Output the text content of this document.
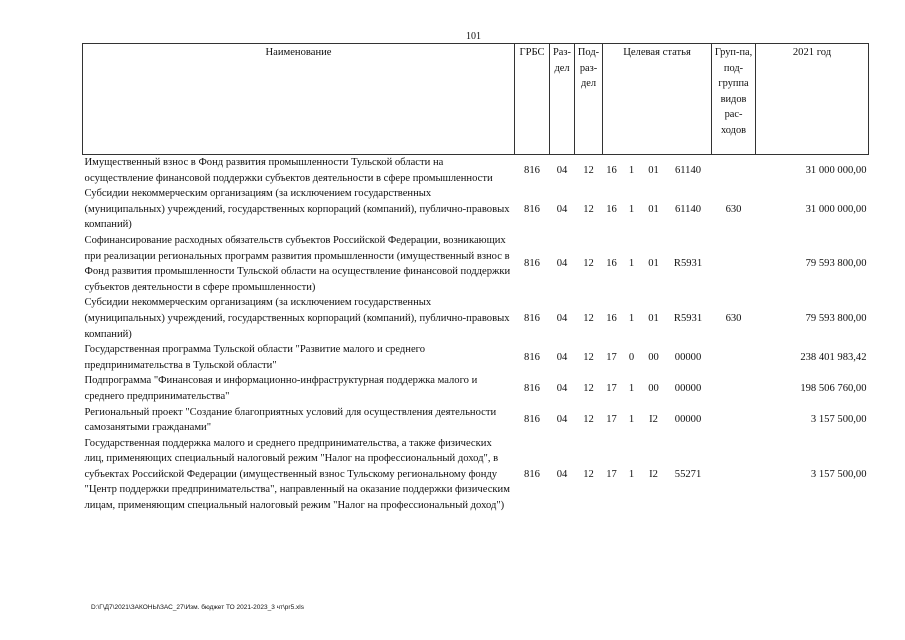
101
Наименование	ГРБС	Раз-дел	Под-раз-дел	Целевая статья				Груп-па, под-группа видов рас-ходов	2021 год
Имущественный взнос в Фонд развития промышленности Тульской области на осуществление финансовой поддержки субъектов деятельности в сфере промышленности	816	04	12	16	1	01	61140		31 000 000,00
Субсидии некоммерческим организациям (за исключением государственных (муниципальных) учреждений, государственных корпораций (компаний), публично-правовых компаний)	816	04	12	16	1	01	61140	630	31 000 000,00
Софинансирование расходных обязательств субъектов Российской Федерации, возникающих при реализации региональных программ развития промышленности (имущественный взнос в Фонд развития промышленности Тульской области на осуществление финансовой поддержки субъектов деятельности в сфере промышленности)	816	04	12	16	1	01	R5931		79 593 800,00
Субсидии некоммерческим организациям (за исключением государственных (муниципальных) учреждений, государственных корпораций (компаний), публично-правовых компаний)	816	04	12	16	1	01	R5931	630	79 593 800,00
Государственная программа Тульской области "Развитие малого и среднего предпринимательства в Тульской области"	816	04	12	17	0	00	00000		238 401 983,42
Подпрограмма "Финансовая и информационно-инфраструктурная поддержка малого и среднего предпринимательства"	816	04	12	17	1	00	00000		198 506 760,00
Региональный проект "Создание благоприятных условий для осуществления деятельности самозанятыми гражданами"	816	04	12	17	1	I2	00000		3 157 500,00
Государственная поддержка малого и среднего предпринимательства, а также физических лиц, применяющих специальный налоговый режим "Налог на профессиональный доход", в субъектах Российской Федерации (имущественный взнос Тульскому региональному фонду "Центр поддержки предпринимательства", направленный на оказание поддержки физическим лицам, применяющим специальный налоговый режим "Налог на профессиональный доход")	816	04	12	17	1	I2	55271		3 157 500,00
D:\Г\Д7\2021\ЗАКОНЫ\ЗАС_27\Изм. бюджет ТО 2021-2023_3 чт\pr5.xls
